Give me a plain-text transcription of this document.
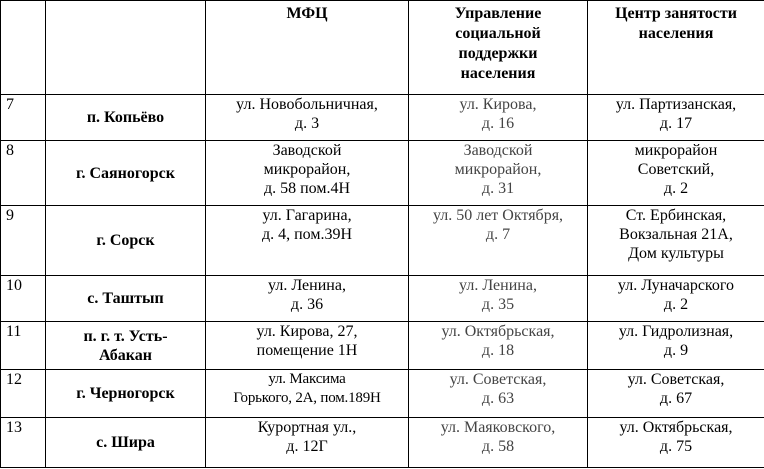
		МФЦ	Управление
социальной
поддержки
населения	Центр занятости
населения

7	п. Копьёво	ул. Новобольничная,
д. 3	ул. Кирова,
д. 16	ул. Партизанская,
д. 17

8	г. Саяногорск	Заводской
микрорайон,
д. 58 пом.4Н	Заводской
микрорайон,
д. 31	микрорайон
Советский,
д. 2

9	г. Сорск	ул. Гагарина,
д. 4, пом.39Н	ул. 50 лет Октября,
д. 7	Ст. Ербинская,
Вокзальная 21А,
Дом культуры

10	с. Таштып	ул. Ленина,
д. 36	ул. Ленина,
д. 35	ул. Луначарского
д. 2

11	п. г. т. Усть-
Абакан	ул. Кирова, 27,
помещение 1Н	ул. Октябрьская,
д. 18	ул. Гидролизная,
д. 9

12	г. Черногорск	ул. Максима
Горького, 2А, пом.189Н	ул. Советская,
д. 63	ул. Советская,
д. 67

13	с. Шира	Курортная ул.,
д. 12Г	ул. Маяковского,
д. 58	ул. Октябрьская,
д. 75
